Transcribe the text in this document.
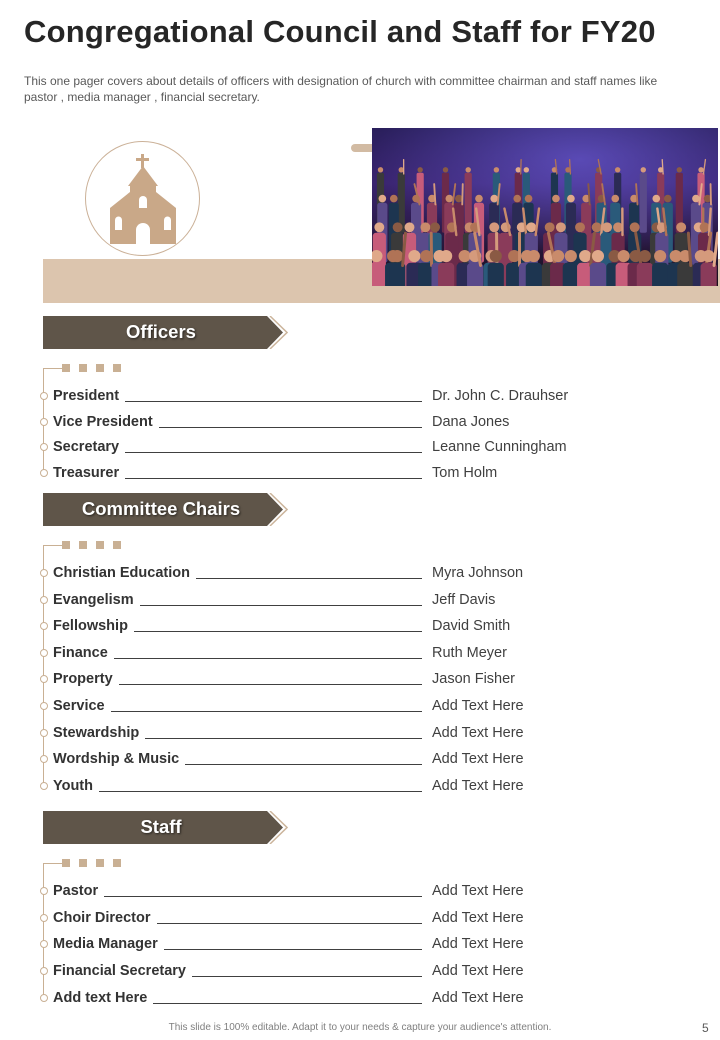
Congregational Council and Staff for FY20
This one pager covers about details of officers with designation of church with committee chairman and staff names like pastor , media manager , financial secretary.
Officers
President	Dr. John C. Drauhser
Vice President	Dana Jones
Secretary	Leanne Cunningham
Treasurer	Tom Holm
Committee Chairs
Christian Education	Myra Johnson
Evangelism	Jeff Davis
Fellowship	David Smith
Finance	Ruth Meyer
Property	Jason Fisher
Service	Add Text Here
Stewardship	Add Text Here
Wordship & Music	Add Text Here
Youth	Add Text Here
Staff
Pastor	Add Text Here
Choir Director	Add Text Here
Media Manager	Add Text Here
Financial Secretary	Add Text Here
Add text Here	Add Text Here
This slide is 100% editable. Adapt it to your needs & capture your audience's attention.	5
